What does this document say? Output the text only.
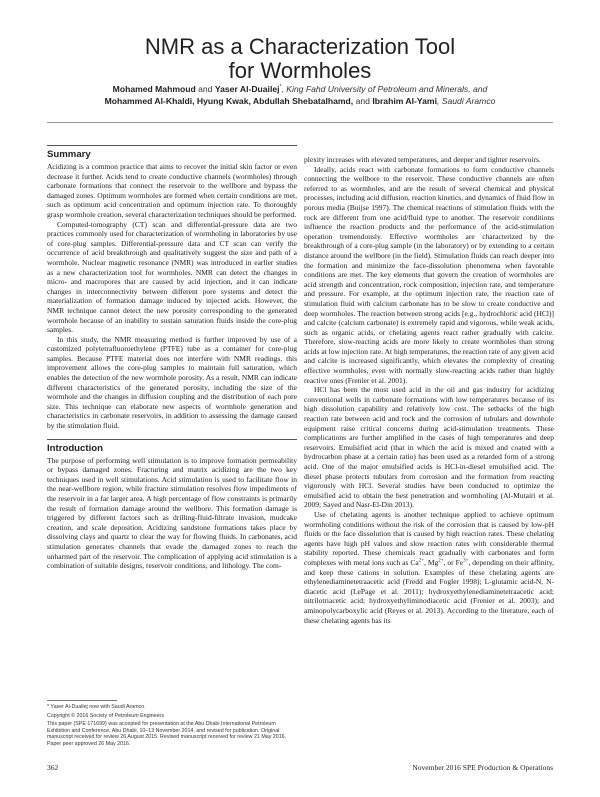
NMR as a Characterization Tool
for Wormholes
Mohamed Mahmoud and Yaser Al-Duailej*, King Fahd University of Petroleum and Minerals, and
Mohammed Al-Khaldi, Hyung Kwak, Abdullah Shebatalhamd, and Ibrahim Al-Yami, Saudi Aramco
Summary

Acidizing is a common practice that aims to recover the initial skin factor or even decrease it further. Acids tend to create conductive channels (wormholes) through carbonate formations that connect the reservoir to the wellbore and bypass the damaged zones. Optimum wormholes are formed when certain conditions are met, such as optimum acid concentration and optimum injection rate. To thoroughly grasp wormhole creation, several characterization techniques should be performed.

Computed-tomography (CT) scan and differential-pressure data are two practices commonly used for characterization of wormholing in laboratories by use of core-plug samples. Differential-pressure data and CT scan can verify the occurrence of acid breakthrough and qualitatively suggest the size and path of a wormhole. Nuclear magnetic resonance (NMR) was introduced in earlier studies as a new characterization tool for wormholes. NMR can detect the changes in micro- and macropores that are caused by acid injection, and it can indicate changes in interconnectivity between different pore systems and detect the materialization of formation damage induced by injected acids. However, the NMR technique cannot detect the new porosity corresponding to the generated wormhole because of an inability to sustain saturation fluids inside the core-plug samples.

In this study, the NMR measuring method is further improved by use of a customized polytetrafluoroethylene (PTFE) tube as a container for core-plug samples. Because PTFE material does not interfere with NMR readings, this improvement allows the core-plug samples to maintain full saturation, which enables the detection of the new wormhole porosity. As a result, NMR can indicate different characteristics of the generated porosity, including the size of the wormhole and the changes in diffusion coupling and the distribution of each pore size. This technique can elaborate new aspects of wormhole generation and characteristics in carbonate reservoirs, in addition to assessing the damage caused by the stimulation fluid.

Introduction

The purpose of performing well stimulation is to improve formation permeability or bypass damaged zones. Fracturing and matrix acidizing are the two key techniques used in well stimulations. Acid stimulation is used to facilitate flow in the near-wellbore region, while fracture stimulation resolves flow impediments of the reservoir in a far larger area. A high percentage of flow constraints is primarily the result of formation damage around the wellbore. This formation damage is triggered by different factors such as drilling-fluid-filtrate invasion, mudcake creation, and scale deposition. Acidizing sandstone formations takes place by dissolving clays and quartz to clear the way for flowing fluids. In carbonates, acid stimulation generates channels that evade the damaged zones to reach the unharmed part of the reservoir. The complication of applying acid stimulation is a combination of suitable designs, reservoir conditions, and lithology. The com-

* Yaser Al-Duailej now with Saudi Aramco.

Copyright © 2016 Society of Petroleum Engineers

This paper (SPE 171699) was accepted for presentation at the Abu Dhabi International Petroleum Exhibition and Conference, Abu Dhabi, 10–13 November 2014, and revised for publication. Original manuscript received for review 26 August 2015. Revised manuscript received for review 21 May 2016. Paper peer approved 26 May 2016.

plexity increases with elevated temperatures, and deeper and tighter reservoirs.

Ideally, acids react with carbonate formations to form conductive channels connecting the wellbore to the reservoir. These conductive channels are often referred to as wormholes, and are the result of several chemical and physical processes, including acid diffusion, reaction kinetics, and dynamics of fluid flow in porous media (Buijse 1997). The chemical reactions of stimulation fluids with the rock are different from one acid/fluid type to another. The reservoir conditions influence the reaction products and the performance of the acid-stimulation operation tremendously. Effective wormholes are characterized by the breakthrough of a core-plug sample (in the laboratory) or by extending to a certain distance around the wellbore (in the field). Stimulation fluids can reach deeper into the formation and minimize the face-dissolution phenomena when favorable conditions are met. The key elements that govern the creation of wormholes are acid strength and concentration, rock composition, injection rate, and temperature and pressure. For example, at the optimum injection rate, the reaction rate of stimulation fluid with calcium carbonate has to be slow to create conductive and deep wormholes. The reaction between strong acids [e.g., hydrochloric acid (HCl)] and calcite (calcium carbonate) is extremely rapid and vigorous, while weak acids, such as organic acids, or chelating agents react rather gradually with calcite. Therefore, slow-reacting acids are more likely to create wormholes than strong acids at low injection rate. At high temperatures, the reaction rate of any given acid and calcite is increased significantly, which elevates the complexity of creating effective wormholes, even with normally slow-reacting acids rather than highly reactive ones (Frenier et al. 2001).

HCl has been the most used acid in the oil and gas industry for acidizing conventional wells in carbonate formations with low temperatures because of its high dissolution capability and relatively low cost. The setbacks of the high reaction rate between acid and rock and the corrosion of tubulars and downhole equipment raise critical concerns during acid-stimulation treatments. These complications are further amplified in the cases of high temperatures and deep reservoirs. Emulsified acid (that in which the acid is mixed and coated with a hydrocarbon phase at a certain ratio) has been used as a retarded form of a strong acid. One of the major emulsified acids is HCl-in-diesel emulsified acid. The diesel phase protects tubulars from corrosion and the formation from reacting vigorously with HCl. Several studies have been conducted to optimize the emulsified acid to obtain the best penetration and wormholing (Al-Mutairi et al. 2009; Sayed and Nasr-El-Din 2013).

Use of chelating agents is another technique applied to achieve optimum wormholing conditions without the risk of the corrosion that is caused by low-pH fluids or the face dissolution that is caused by high reaction rates. These chelating agents have high pH values and slow reaction rates with considerable thermal stability reported. These chemicals react gradually with carbonates and form complexes with metal ions such as $Ca^{2+}$, $Mg^{2+}$, or $Fe^{3+}$, depending on their affinity, and keep these cations in solution. Examples of these chelating agents are ethylenediaminetetraacetic acid (Fredd and Fogler 1998); L-glutamic acid-N, N-diacetic acid (LePage et al. 2011); hydroxyethylenediaminetetraacetic acid; nitrilotriacetic acid; hydroxyethyliminodiacetic acid (Frenier et al. 2003); and aminopolycarboxylic acid (Reyes et al. 2013). According to the literature, each of these chelating agents has its

362	November 2016 SPE Production & Operations
